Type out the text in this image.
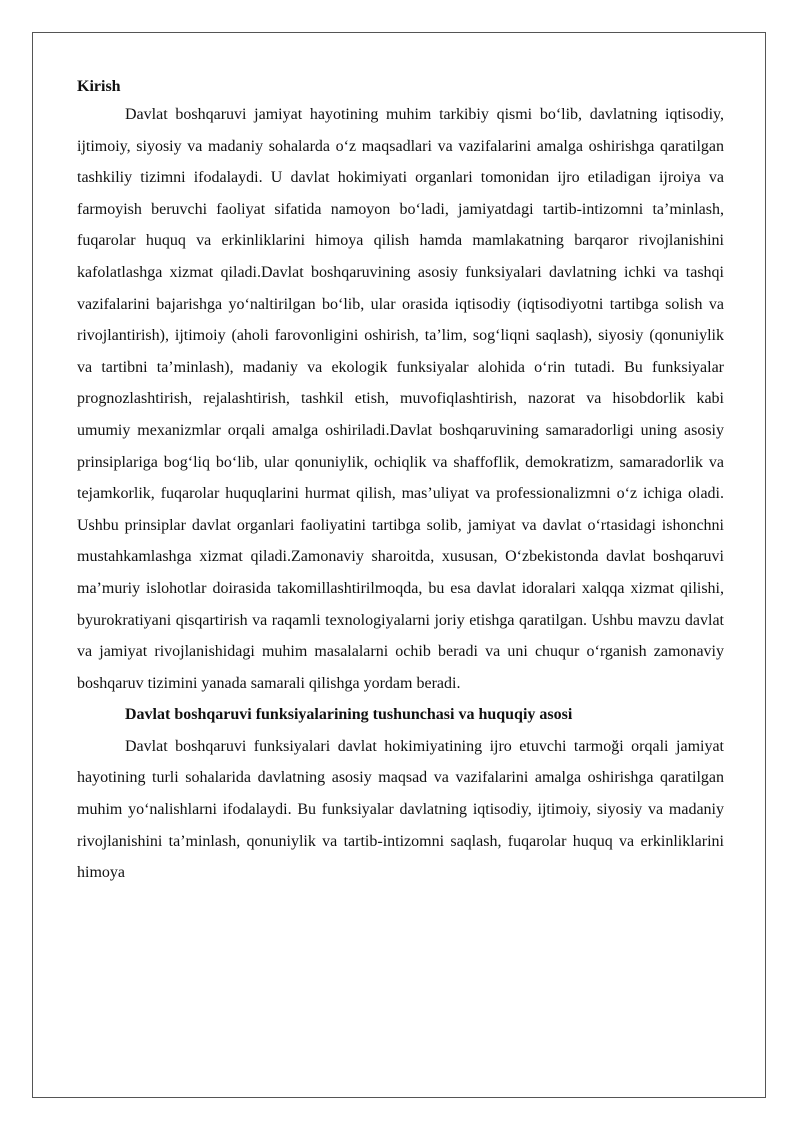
Kirish

Davlat boshqaruvi jamiyat hayotining muhim tarkibiy qismi bo‘lib, davlatning iqtisodiy, ijtimoiy, siyosiy va madaniy sohalarda o‘z maqsadlari va vazifalarini amalga oshirishga qaratilgan tashkiliy tizimni ifodalaydi. U davlat hokimiyati organlari tomonidan ijro etiladigan ijroiya va farmoyish beruvchi faoliyat sifatida namoyon bo‘ladi, jamiyatdagi tartib-intizomni ta’minlash, fuqarolar huquq va erkinliklarini himoya qilish hamda mamlakatning barqaror rivojlanishini kafolatlashga xizmat qiladi.Davlat boshqaruvining asosiy funksiyalari davlatning ichki va tashqi vazifalarini bajarishga yo‘naltirilgan bo‘lib, ular orasida iqtisodiy (iqtisodiyotni tartibga solish va rivojlantirish), ijtimoiy (aholi farovonligini oshirish, ta’lim, sog‘liqni saqlash), siyosiy (qonuniylik va tartibni ta’minlash), madaniy va ekologik funksiyalar alohida o‘rin tutadi. Bu funksiyalar prognozlashtirish, rejalashtirish, tashkil etish, muvofiqlashtirish, nazorat va hisobdorlik kabi umumiy mexanizmlar orqali amalga oshiriladi.Davlat boshqaruvining samaradorligi uning asosiy prinsiplariga bog‘liq bo‘lib, ular qonuniylik, ochiqlik va shaffoflik, demokratizm, samaradorlik va tejamkorlik, fuqarolar huquqlarini hurmat qilish, mas’uliyat va professionalizmni o‘z ichiga oladi. Ushbu prinsiplar davlat organlari faoliyatini tartibga solib, jamiyat va davlat o‘rtasidagi ishonchni mustahkamlashga xizmat qiladi.Zamonaviy sharoitda, xususan, O‘zbekistonda davlat boshqaruvi ma’muriy islohotlar doirasida takomillashtirilmoqda, bu esa davlat idoralari xalqqa xizmat qilishi, byurokratiyani qisqartirish va raqamli texnologiyalarni joriy etishga qaratilgan. Ushbu mavzu davlat va jamiyat rivojlanishidagi muhim masalalarni ochib beradi va uni chuqur o‘rganish zamonaviy boshqaruv tizimini yanada samarali qilishga yordam beradi.

Davlat boshqaruvi funksiyalarining tushunchasi va huquqiy asosi

Davlat boshqaruvi funksiyalari davlat hokimiyatining ijro etuvchi tarmoği orqali jamiyat hayotining turli sohalarida davlatning asosiy maqsad va vazifalarini amalga oshirishga qaratilgan muhim yo‘nalishlarni ifodalaydi. Bu funksiyalar davlatning iqtisodiy, ijtimoiy, siyosiy va madaniy rivojlanishini ta’minlash, qonuniylik va tartib-intizomni saqlash, fuqarolar huquq va erkinliklarini himoya
